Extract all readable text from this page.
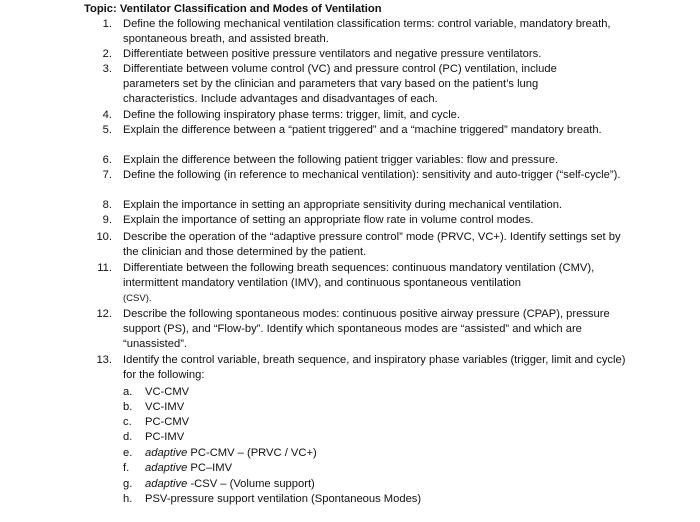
Topic: Ventilator Classification and Modes of Ventilation
1. Define the following mechanical ventilation classification terms: control variable, mandatory breath, spontaneous breath, and assisted breath.
2. Differentiate between positive pressure ventilators and negative pressure ventilators.
3. Differentiate between volume control (VC) and pressure control (PC) ventilation, include parameters set by the clinician and parameters that vary based on the patient’s lung characteristics. Include advantages and disadvantages of each.
4. Define the following inspiratory phase terms: trigger, limit, and cycle.
5. Explain the difference between a “patient triggered” and a “machine triggered” mandatory breath.
6. Explain the difference between the following patient trigger variables: flow and pressure.
7. Define the following (in reference to mechanical ventilation): sensitivity and auto-trigger (“self-cycle”).
8. Explain the importance in setting an appropriate sensitivity during mechanical ventilation.
9. Explain the importance of setting an appropriate flow rate in volume control modes.
10. Describe the operation of the “adaptive pressure control” mode (PRVC, VC+). Identify settings set by the clinician and those determined by the patient.
11. Differentiate between the following breath sequences: continuous mandatory ventilation (CMV), intermittent mandatory ventilation (IMV), and continuous spontaneous ventilation
(CSV).
12. Describe the following spontaneous modes: continuous positive airway pressure (CPAP), pressure support (PS), and “Flow-by”. Identify which spontaneous modes are “assisted” and which are “unassisted”.
13. Identify the control variable, breath sequence, and inspiratory phase variables (trigger, limit and cycle) for the following:
a.	VC-CMV
b.	VC-IMV
c.	PC-CMV
d.	PC-IMV
e.	adaptive PC-CMV – (PRVC / VC+)
f.	adaptive PC–IMV
g.	adaptive -CSV – (Volume support)
h.	PSV-pressure support ventilation (Spontaneous Modes)
